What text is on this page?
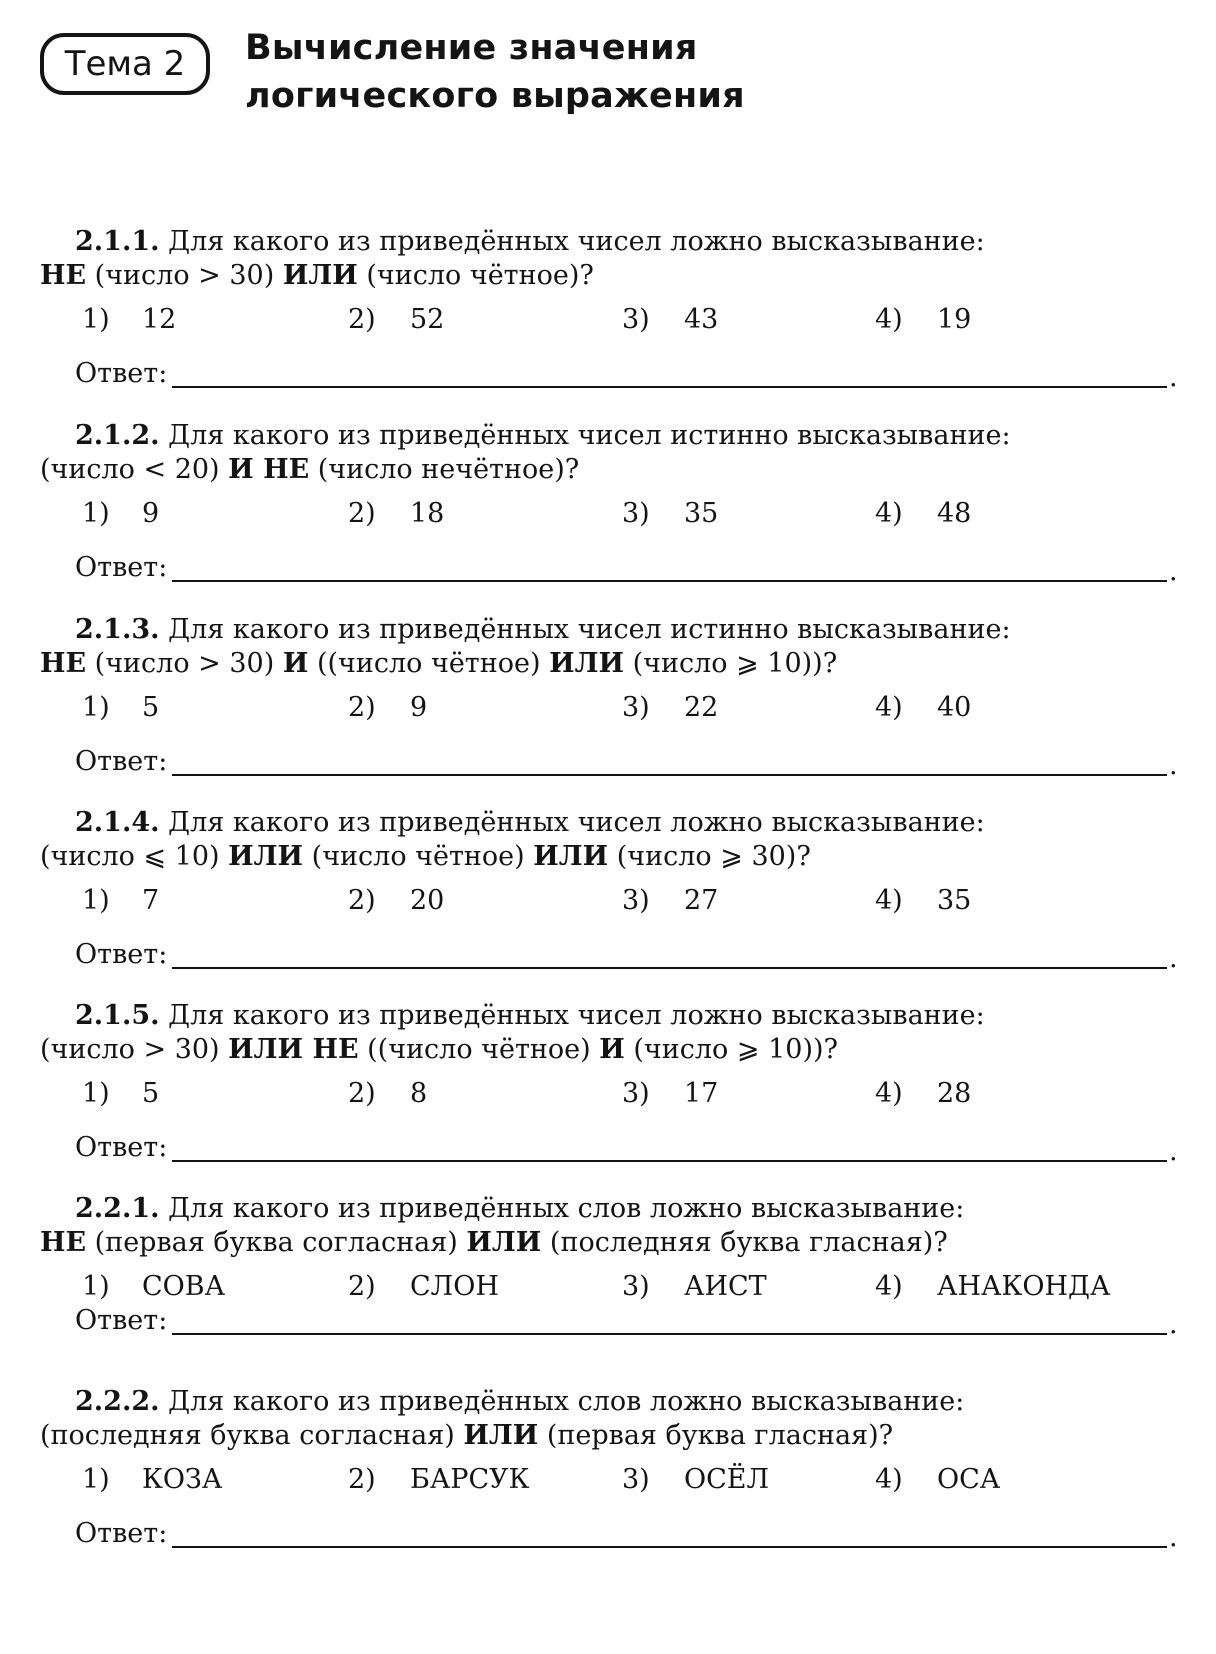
Тема 2	Вычисление значения
логического выражения
2.1.1. Для какого из приведённых чисел ложно высказывание:
НЕ (число > 30) ИЛИ (число чётное)?
1) 12	2) 52	3) 43	4) 19
Ответ:	.
2.1.2. Для какого из приведённых чисел истинно высказывание:
(число < 20) И НЕ (число нечётное)?
1) 9	2) 18	3) 35	4) 48
Ответ:	.
2.1.3. Для какого из приведённых чисел истинно высказывание:
НЕ (число > 30) И ((число чётное) ИЛИ (число ⩾ 10))?
1) 5	2) 9	3) 22	4) 40
Ответ:	.
2.1.4. Для какого из приведённых чисел ложно высказывание:
(число ⩽ 10) ИЛИ (число чётное) ИЛИ (число ⩾ 30)?
1) 7	2) 20	3) 27	4) 35
Ответ:	.
2.1.5. Для какого из приведённых чисел ложно высказывание:
(число > 30) ИЛИ НЕ ((число чётное) И (число ⩾ 10))?
1) 5	2) 8	3) 17	4) 28
Ответ:	.
2.2.1. Для какого из приведённых слов ложно высказывание:
НЕ (первая буква согласная) ИЛИ (последняя буква гласная)?
1) СОВА	2) СЛОН	3) АИСТ	4) АНАКОНДА
Ответ:	.
2.2.2. Для какого из приведённых слов ложно высказывание:
(последняя буква согласная) ИЛИ (первая буква гласная)?
1) КОЗА	2) БАРСУК	3) ОСЁЛ	4) ОСА
Ответ:	.
